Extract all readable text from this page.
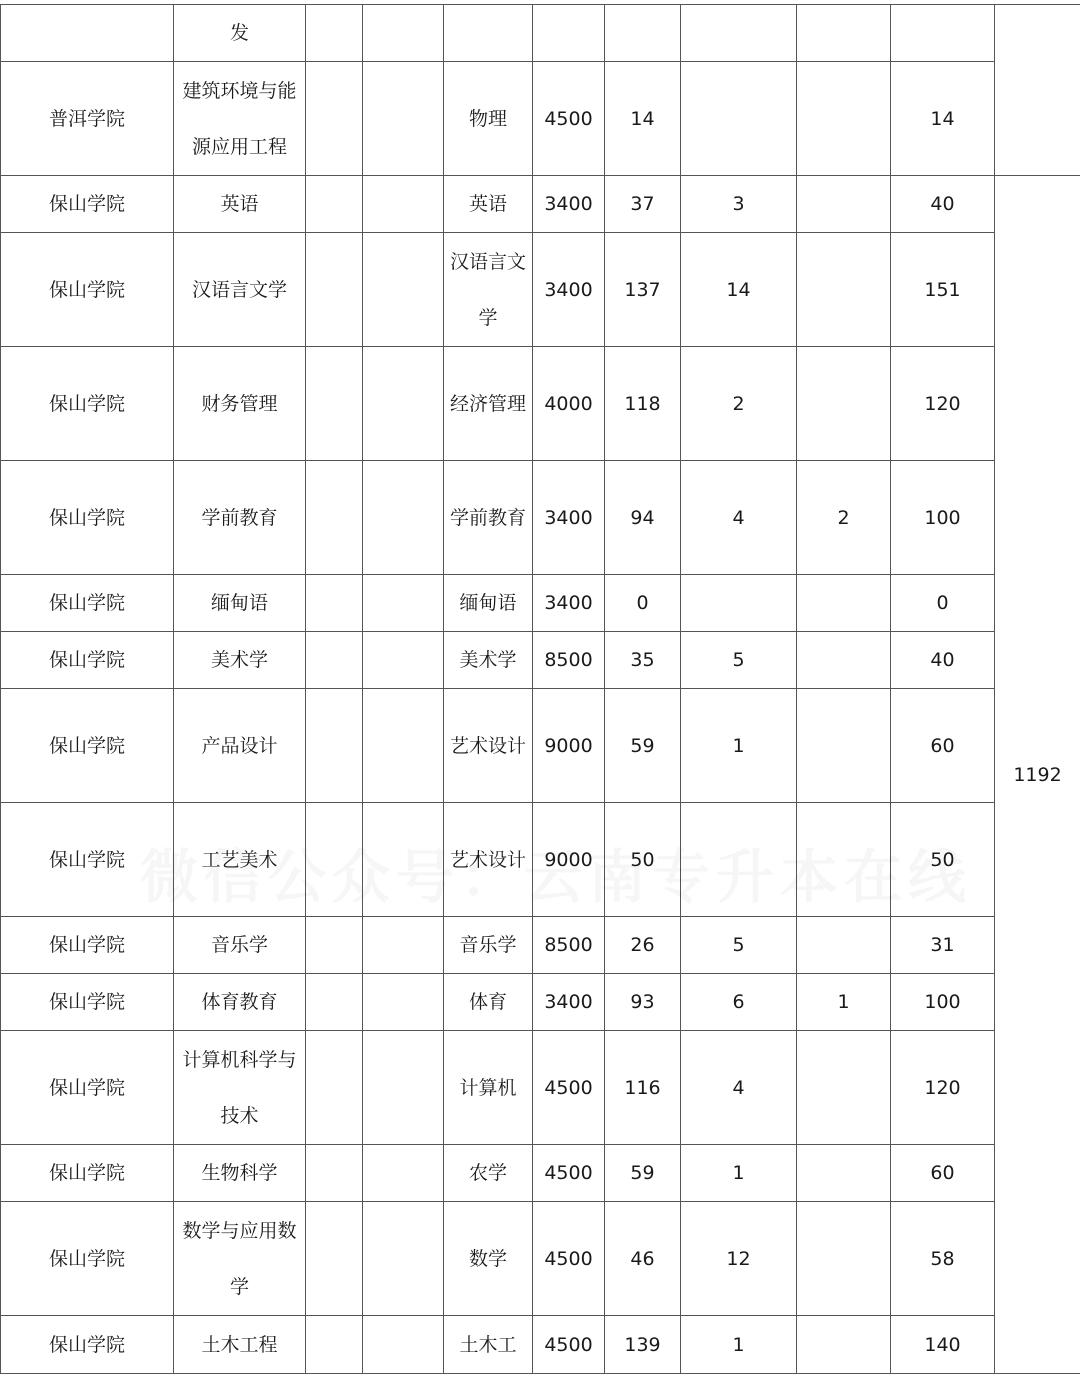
	发									
普洱学院	建筑环境与能源应用工程			物理	4500	14			14	
保山学院	英语			英语	3400	37	3		40	1192
保山学院	汉语言文学			汉语言文学	3400	137	14		151	
保山学院	财务管理			经济管理	4000	118	2		120	
保山学院	学前教育			学前教育	3400	94	4	2	100	
保山学院	缅甸语			缅甸语	3400	0			0	
保山学院	美术学			美术学	8500	35	5		40	
保山学院	产品设计			艺术设计	9000	59	1		60	
保山学院	工艺美术			艺术设计	9000	50			50	
保山学院	音乐学			音乐学	8500	26	5		31	
保山学院	体育教育			体育	3400	93	6	1	100	
保山学院	计算机科学与技术			计算机	4500	116	4		120	
保山学院	生物科学			农学	4500	59	1		60	
保山学院	数学与应用数学			数学	4500	46	12		58	
保山学院	土木工程			土木工	4500	139	1		140	
